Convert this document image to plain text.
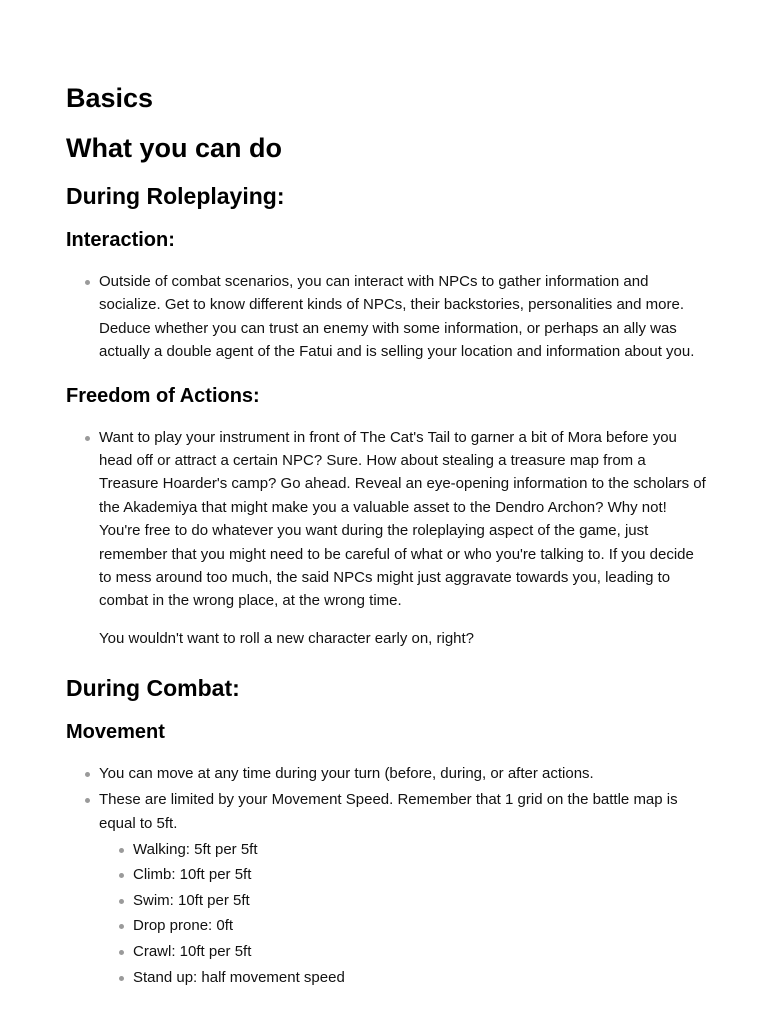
Basics
What you can do
During Roleplaying:
Interaction:
Outside of combat scenarios, you can interact with NPCs to gather information and socialize. Get to know different kinds of NPCs, their backstories, personalities and more. Deduce whether you can trust an enemy with some information, or perhaps an ally was actually a double agent of the Fatui and is selling your location and information about you.
Freedom of Actions:
Want to play your instrument in front of The Cat's Tail to garner a bit of Mora before you head off or attract a certain NPC? Sure. How about stealing a treasure map from a Treasure Hoarder's camp? Go ahead. Reveal an eye-opening information to the scholars of the Akademiya that might make you a valuable asset to the Dendro Archon? Why not! You're free to do whatever you want during the roleplaying aspect of the game, just remember that you might need to be careful of what or who you're talking to. If you decide to mess around too much, the said NPCs might just aggravate towards you, leading to combat in the wrong place, at the wrong time.

You wouldn't want to roll a new character early on, right?

During Combat:
Movement
You can move at any time during your turn (before, during, or after actions.
These are limited by your Movement Speed. Remember that 1 grid on the battle map is equal to 5ft.
Walking: 5ft per 5ft
Climb: 10ft per 5ft
Swim: 10ft per 5ft
Drop prone: 0ft
Crawl: 10ft per 5ft
Stand up: half movement speed
